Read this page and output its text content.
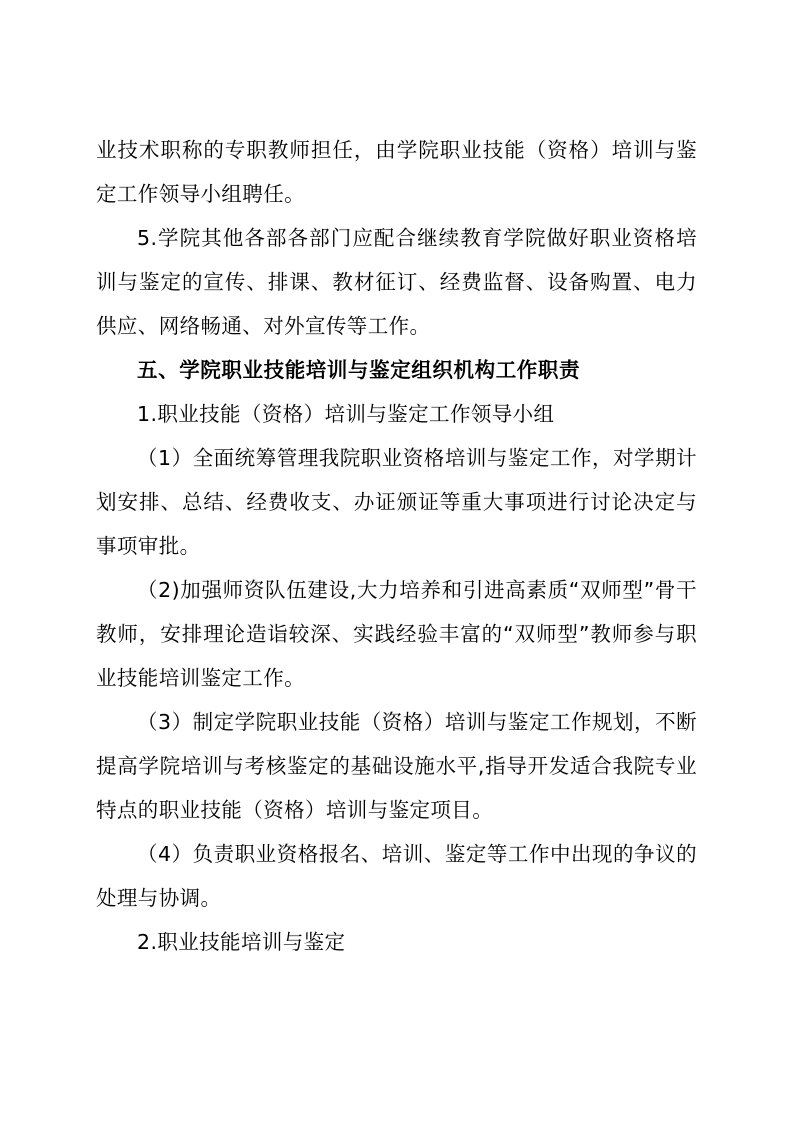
业技术职称的专职教师担任，由学院职业技能（资格）培训与鉴定工作领导小组聘任。

5.学院其他各部各部门应配合继续教育学院做好职业资格培训与鉴定的宣传、排课、教材征订、经费监督、设备购置、电力供应、网络畅通、对外宣传等工作。

五、学院职业技能培训与鉴定组织机构工作职责

1.职业技能（资格）培训与鉴定工作领导小组

（1）全面统筹管理我院职业资格培训与鉴定工作，对学期计划安排、总结、经费收支、办证颁证等重大事项进行讨论决定与事项审批。

（2)加强师资队伍建设,大力培养和引进高素质“双师型”骨干教师，安排理论造诣较深、实践经验丰富的“双师型”教师参与职业技能培训鉴定工作。

（3）制定学院职业技能（资格）培训与鉴定工作规划，不断提高学院培训与考核鉴定的基础设施水平,指导开发适合我院专业特点的职业技能（资格）培训与鉴定项目。

（4）负责职业资格报名、培训、鉴定等工作中出现的争议的处理与协调。

2.职业技能培训与鉴定
